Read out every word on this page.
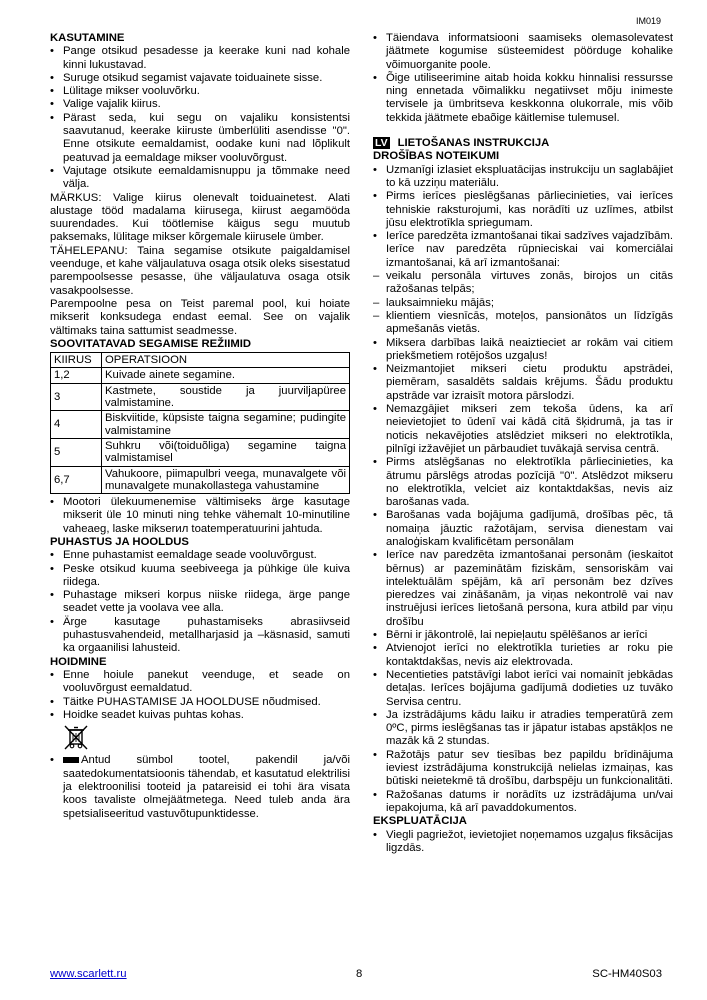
IM019

KASUTAMINE

• Pange otsikud pesadesse ja keerake kuni nad kohale kinni lukustavad.
• Suruge otsikud segamist vajavate toiduainete sisse.
• Lülitage mikser vooluvõrku.
• Valige vajalik kiirus.
• Pärast seda, kui segu on vajaliku konsistentsi saavutanud, keerake kiiruste ümberlüliti asendisse "0". Enne otsikute eemaldamist, oodake kuni nad lõplikult peatuvad ja eemaldage mikser vooluvõrgust.
• Vajutage otsikute eemaldamisnuppu ja tõmmake need välja.

MÄRKUS: Valige kiirus olenevalt toiduainetest. Alati alustage tööd madalama kiirusega, kiirust aegamööda suurendades. Kui töötlemise käigus segu muutub paksemaks, lülitage mikser kõrgemale kiirusele ümber.

TÄHELEPANU: Taina segamise otsikute paigaldamisel veenduge, et kahe väljaulatuva osaga otsik oleks sisestatud parempoolsesse pesasse, ühe väljaulatuva osaga otsik vasakpoolsesse.

Parempoolne pesa on Teist paremal pool, kui hoiate mikserit konksudega endast eemal. See on vajalik vältimaks taina sattumist seadmesse.

SOOVITATAVAD SEGAMISE REŽIIMID

KIIRUS	OPERATSIOON
1,2	Kuivade ainete segamine.
3	Kastmete, soustide ja juurviljapüree valmistamine.
4	Biskviitide, küpsiste taigna segamine; pudingite valmistamine
5	Suhkru või(toiduõliga) segamine taigna valmistamisel
6,7	Vahukoore, piimapulbri veega, munavalgete või munavalgete munakollastega vahustamine
• Mootori ülekuumenemise vältimiseks ärge kasutage mikserit üle 10 minuti ning tehke vähemalt 10-minutiline vaheaeg, laske mikserил toatemperatuurini jahtuda.

PUHASTUS JA HOOLDUS

• Enne puhastamist eemaldage seade vooluvõrgust.
• Peske otsikud kuuma seebiveega ja pühkige üle kuiva riidega.
• Puhastage mikseri korpus niiske riidega, ärge pange seadet vette ja voolava vee alla.
• Ärge kasutage puhastamiseks abrasiivseid puhastusvahendeid, metallharjasid ja –käsnasid, samuti ka orgaanilisi lahusteid.

HOIDMINE

• Enne hoiule panekut veenduge, et seade on vooluvõrgust eemaldatud.
• Täitke PUHASTAMISE JA HOOLDUSE nõudmised.
• Hoidke seadet kuivas puhtas kohas.
•	Antud sümbol tootel, pakendil ja/või saatedokumentatsioonis tähendab, et kasutatud elektrilisi ja elektroonilisi tooteid ja patareisid ei tohi ära visata koos tavaliste olmejäätmetega. Need tuleb anda ära spetsialiseeritud vastuvõtupunktidesse.
• Täiendava informatsiooni saamiseks olemasolevatest jäätmete kogumise süsteemidest pöörduge kohalike võimuorganite poole.
• Õige utiliseerimine aitab hoida kokku hinnalisi ressursse ning ennetada võimalikku negatiivset mõju inimeste tervisele ja ümbritseva keskkonna olukorrale, mis võib tekkida jäätmete ebaõige käitlemise tulemusel.

LV LIETOŠANAS INSTRUKCIJA

DROŠĪBAS NOTEIKUMI

• Uzmanīgi izlasiet ekspluatācijas instrukciju un saglabājiet to kā uzziņu materiālu.
• Pirms ierīces pieslēgšanas pārliecinieties, vai ierīces tehniskie raksturojumi, kas norādīti uz uzlīmes, atbilst jūsu elektrotīkla spriegumam.
• Ierīce paredzēta izmantošanai tikai sadzīves vajadzībām. Ierīce nav paredzēta rūpnieciskai vai komerciālai izmantošanai, kā arī izmantošanai:
– veikalu personāla virtuves zonās, birojos un citās ražošanas telpās;
– lauksaimnieku mājās;
– klientiem viesnīcās, moteļos, pansionātos un līdzīgās apmešanās vietās.
• Miksera darbības laikā neaiztieciet ar rokām vai citiem priekšmetiem rotējošos uzgaļus!
• Neizmantojiet mikseri cietu produktu apstrādei, piemēram, sasaldēts saldais krējums. Šādu produktu apstrāde var izraisīt motora pārslodzi.
• Nemazgājiet mikseri zem tekoša ūdens, ka arī neievietojiet to ūdenī vai kādā citā šķidrumā, ja tas ir noticis nekavējoties atslēdziet mikseri no elektrotīkla, pilnīgi izžavējiet un pārbaudiet tuvākajā servisa centrā.
• Pirms atslēgšanas no elektrotīkla pārliecinieties, ka ātrumu pārslēgs atrodas pozīcijā "0". Atslēdzot mikseru no elektrotīkla, velciet aiz kontaktdakšas, nevis aiz barošanas vada.
• Barošanas vada bojājuma gadījumā, drošības pēc, tā nomaiņa jāuztic ražotājam, servisa dienestam vai analoģiskam kvalificētam personālam
• Ierīce nav paredzēta izmantošanai personām (ieskaitot bērnus) ar pazeminātām fiziskām, sensoriskām vai intelektuālām spējām, kā arī personām bez dzīves pieredzes vai zināšanām, ja viņas nekontrolē vai nav instruējusi ierīces lietošanā persona, kura atbild par viņu drošību
• Bērni ir jākontrolē, lai nepieļautu spēlēšanos ar ierīci
• Atvienojot ierīci no elektrotīkla turieties ar roku pie kontaktdakšas, nevis aiz elektrovada.
• Necentieties patstāvīgi labot ierīci vai nomainīt jebkādas detaļas. Ierīces bojājuma gadījumā dodieties uz tuvāko Servisa centru.
• Ja izstrādājums kādu laiku ir atradies temperatūrā zem 0ºC, pirms ieslēgšanas tas ir jāpatur istabas apstākļos ne mazāk kā 2 stundas.
• Ražotājs patur sev tiesības bez papildu brīdinājuma ieviest izstrādājuma konstrukcijā nelielas izmaiņas, kas būtiski neietekmē tā drošību, darbspēju un funkcionalitāti.
• Ražošanas datums ir norādīts uz izstrādājuma un/vai iepakojuma, kā arī pavaddokumentos.

EKSPLUATĀCIJA

• Viegli pagriežot, ievietojiet noņemamos uzgaļus fiksācijas ligzdās.
www.scarlett.ru	8	SC-HM40S03
